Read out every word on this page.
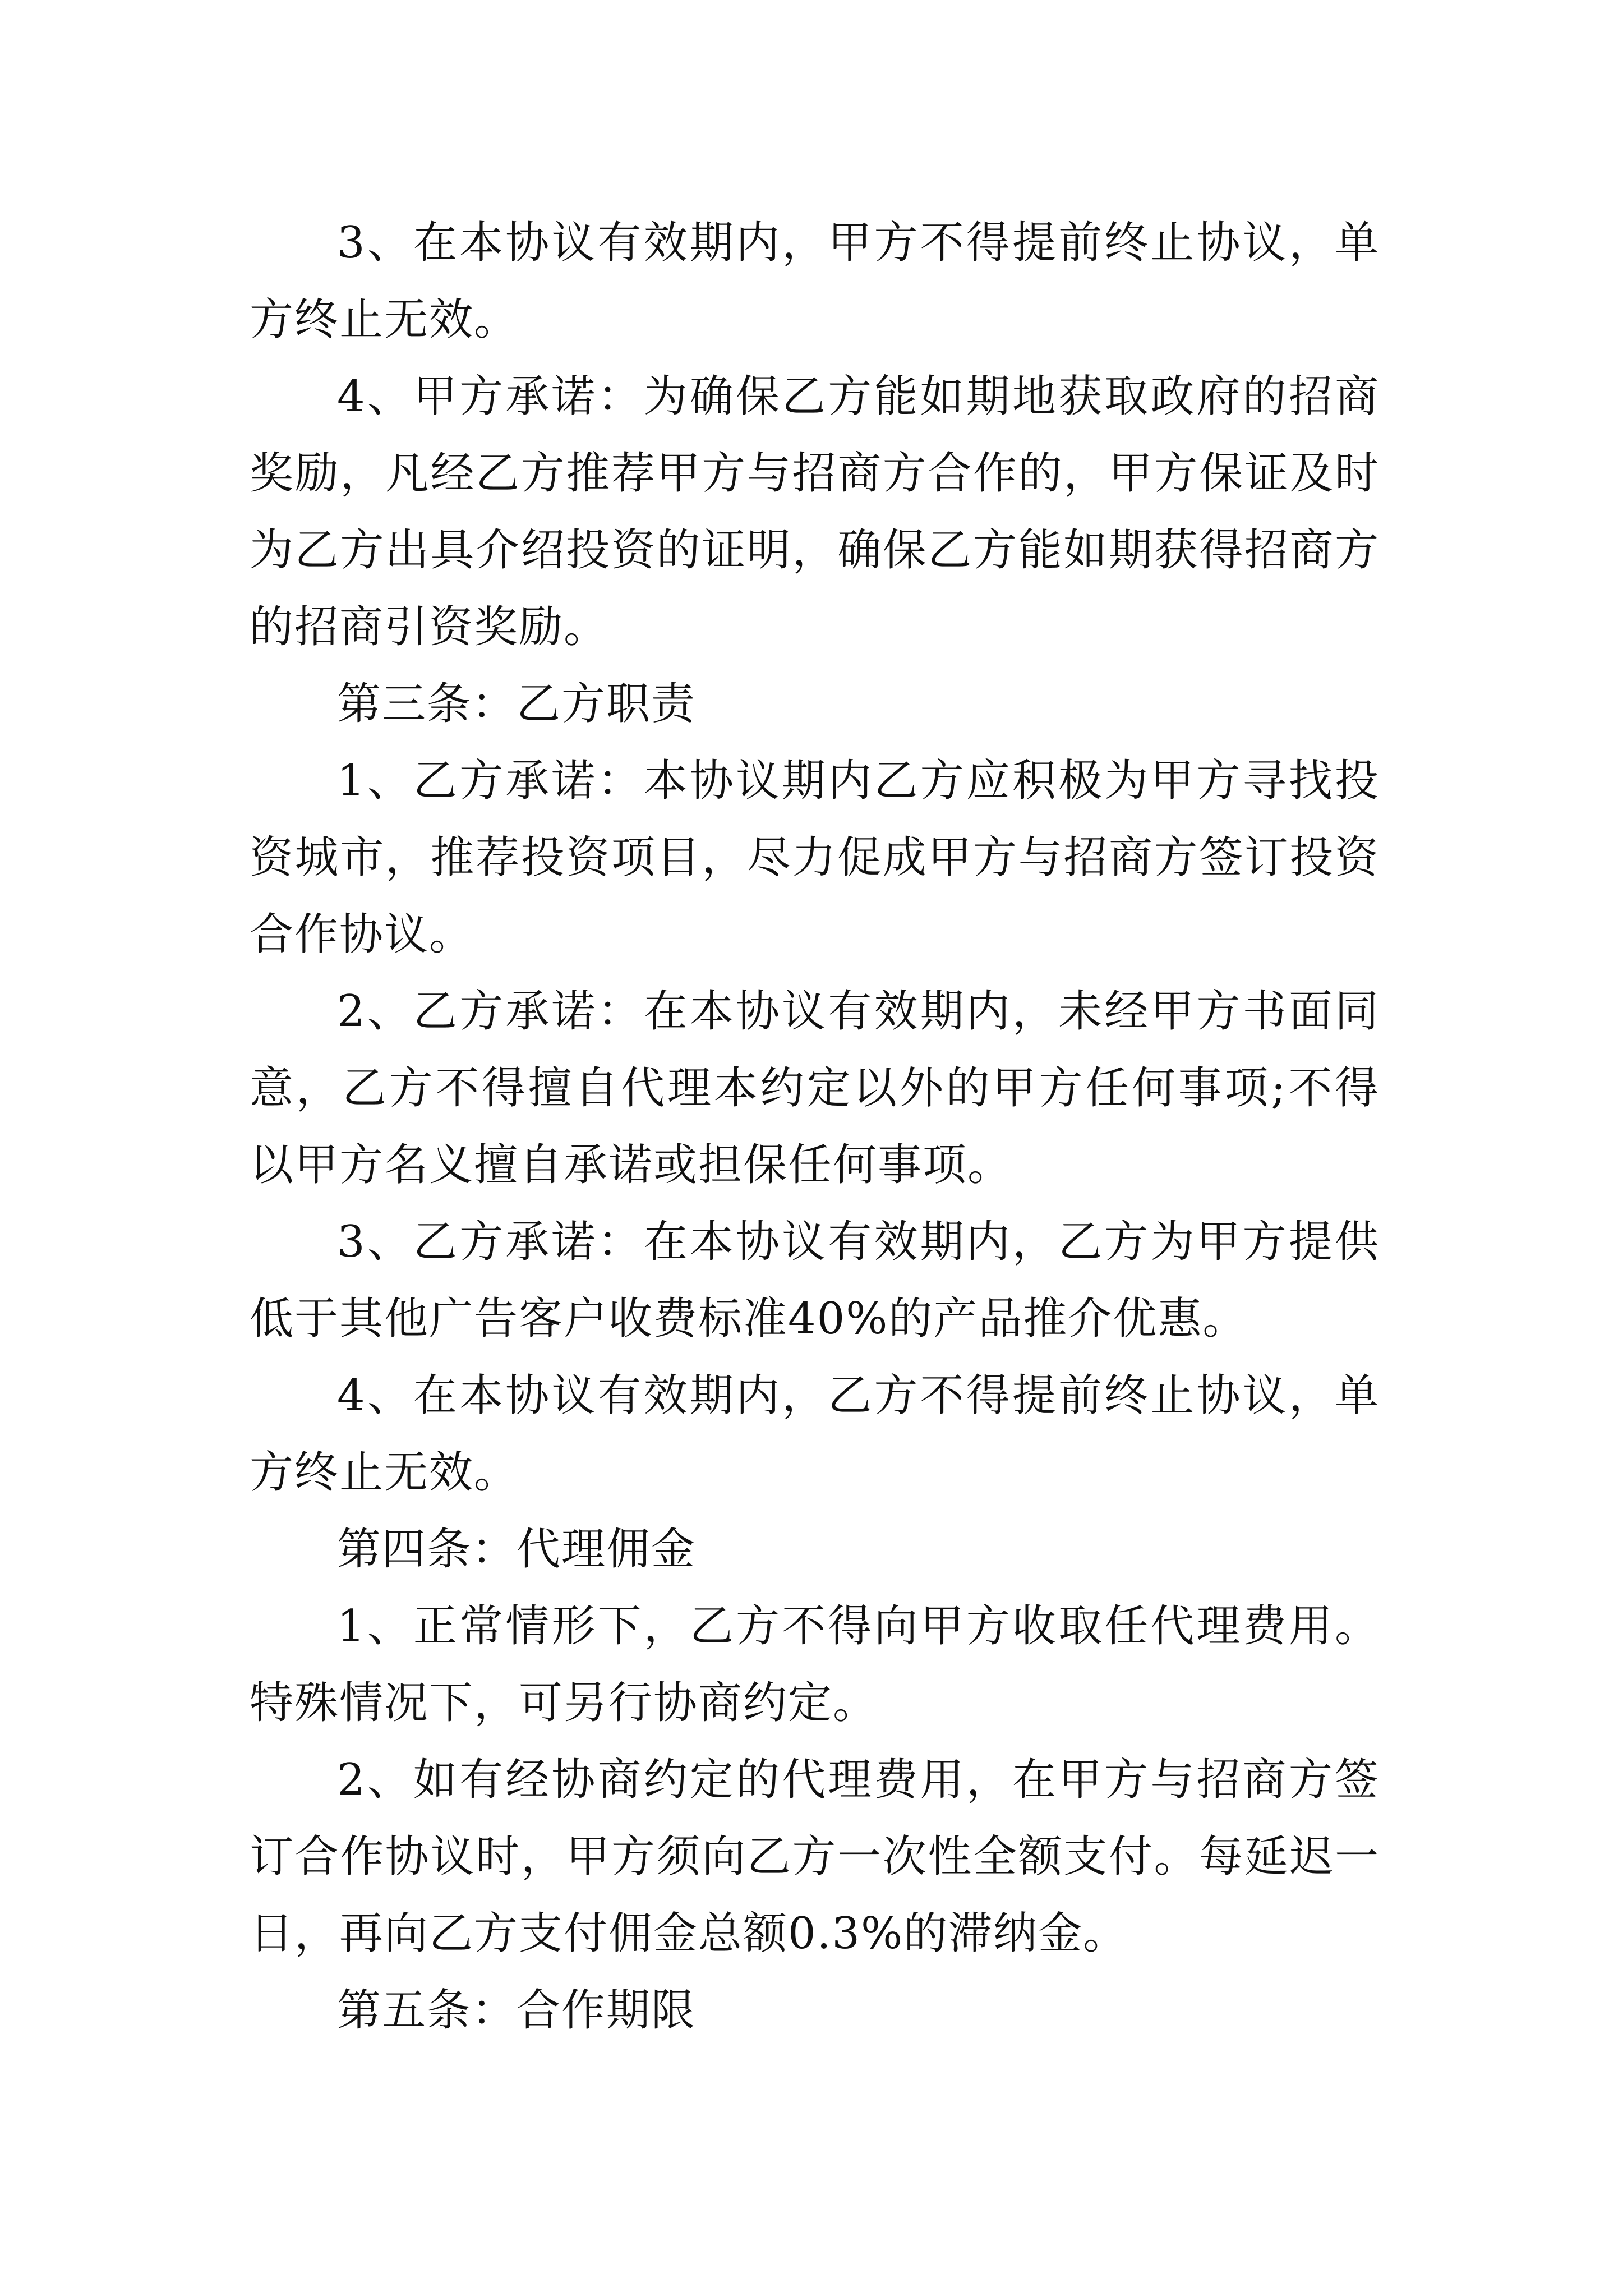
3、在本协议有效期内，甲方不得提前终止协议，单方终止无效。

4、甲方承诺：为确保乙方能如期地获取政府的招商奖励，凡经乙方推荐甲方与招商方合作的，甲方保证及时为乙方出具介绍投资的证明，确保乙方能如期获得招商方的招商引资奖励。

第三条：乙方职责

1、乙方承诺：本协议期内乙方应积极为甲方寻找投资城市，推荐投资项目，尽力促成甲方与招商方签订投资合作协议。

2、乙方承诺：在本协议有效期内，未经甲方书面同意，乙方不得擅自代理本约定以外的甲方任何事项;不得以甲方名义擅自承诺或担保任何事项。

3、乙方承诺：在本协议有效期内，乙方为甲方提供低于其他广告客户收费标准40%的产品推介优惠。

4、在本协议有效期内，乙方不得提前终止协议，单方终止无效。

第四条：代理佣金

1、正常情形下，乙方不得向甲方收取任代理费用。特殊情况下，可另行协商约定。

2、如有经协商约定的代理费用，在甲方与招商方签订合作协议时，甲方须向乙方一次性全额支付。每延迟一日，再向乙方支付佣金总额0.3%的滞纳金。

第五条：合作期限
